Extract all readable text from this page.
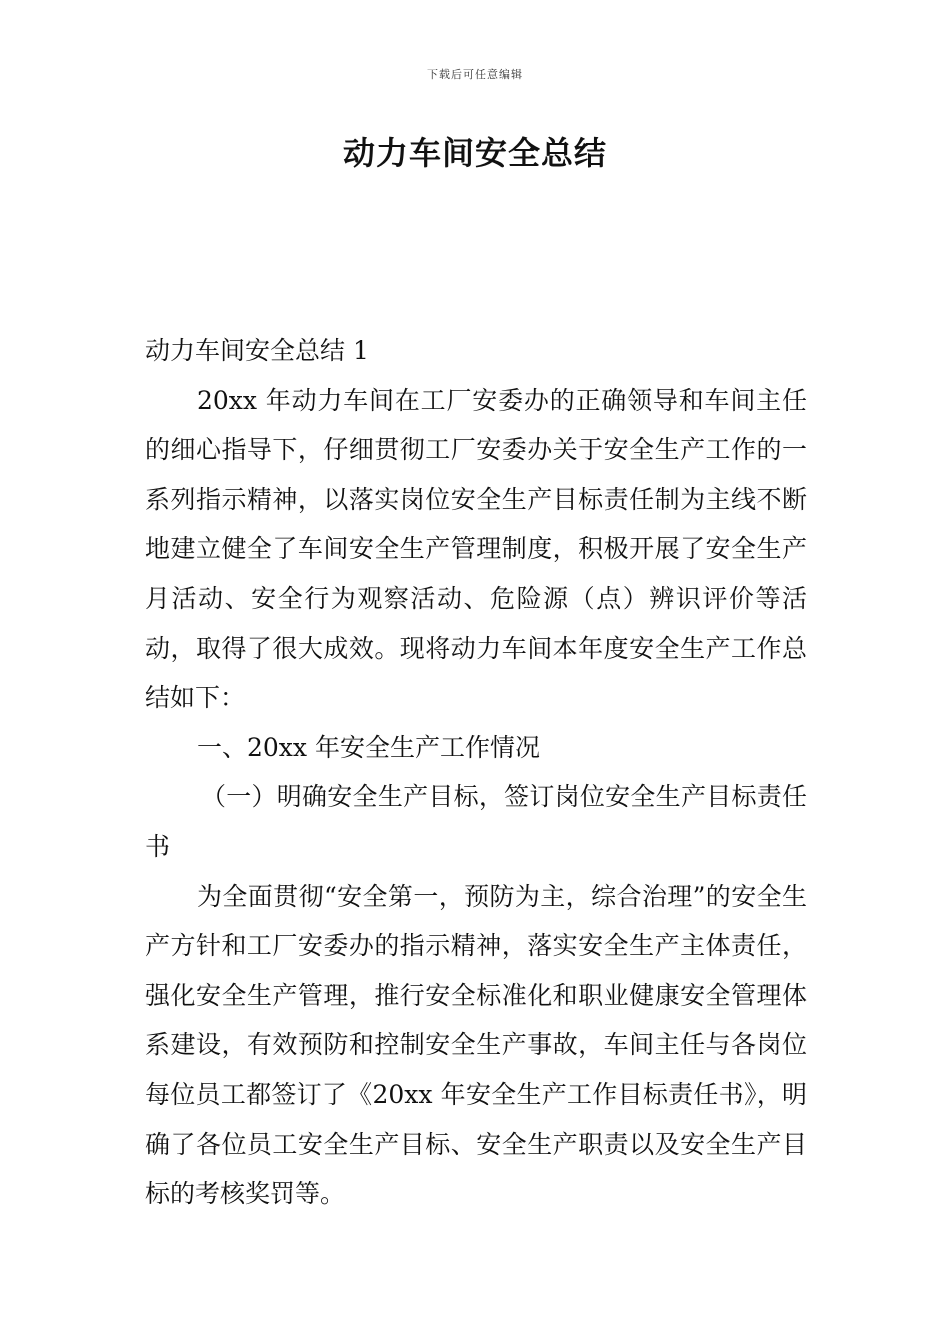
下载后可任意编辑
动力车间安全总结

动力车间安全总结 1

20xx 年动力车间在工厂安委办的正确领导和车间主任的细心指导下，仔细贯彻工厂安委办关于安全生产工作的一系列指示精神，以落实岗位安全生产目标责任制为主线不断地建立健全了车间安全生产管理制度，积极开展了安全生产月活动、安全行为观察活动、危险源（点）辨识评价等活动，取得了很大成效。现将动力车间本年度安全生产工作总结如下：

一、20xx 年安全生产工作情况

（一）明确安全生产目标，签订岗位安全生产目标责任书

为全面贯彻“安全第一，预防为主，综合治理”的安全生产方针和工厂安委办的指示精神，落实安全生产主体责任，强化安全生产管理，推行安全标准化和职业健康安全管理体系建设，有效预防和控制安全生产事故，车间主任与各岗位每位员工都签订了《20xx 年安全生产工作目标责任书》，明确了各位员工安全生产目标、安全生产职责以及安全生产目标的考核奖罚等。
